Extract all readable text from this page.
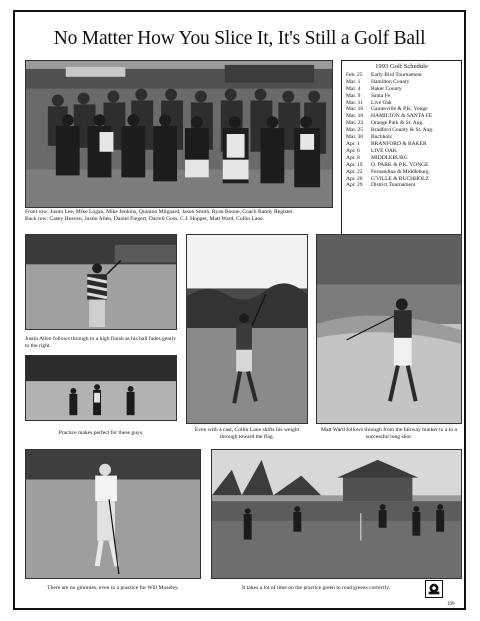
No Matter How You Slice It, It's Still a Golf Ball
Front row: Justin Lee, Mike Logan, Mike Jenkins, Quinton Milgaard, Jason Smith, Ryan Boone, Coach Randy Register.
Back row: Casey Heaven, Justin Allen, Daniel Fiegert, Darrell Goss, C.J. Hopper, Matt Ward, Collin Lane.
1993 Golf Schedule
Feb. 25	Early Bird Tournament
Mar. 1	Hamilton County
Mar. 4	Baker County
Mar. 9	Santa Fe
Mar. 11	Live Oak
Mar. 16	Gainesville & P.K. Yonge
Mar. 18	HAMILTON & SANTA FE
Mar. 23	Orange Park & St. Aug.
Mar. 25	Bradford County & St. Aug.
Mar. 30	Buchholz
Apr. 1	BRANFORD & BAKER
Apr. 6	LIVE OAK
Apr. 8	MIDDLEBURG
Apr. 19	O. PARK & P.K. YONGE
Apr. 22	Fernandina & Middleburg
Apr. 26	G'VILLE & BUCHHOLZ
Apr. 29	District Tournament
Justin Allen follows through to a high finish as his ball fades gently to the right.
Practice makes perfect for these guys.	Even with a cast, Collin Lane shifts his weight through toward the flag.
Matt Ward follows through from the fairway bunker to a to a successful long shot.
There are no gimmies, even in a practice for Will Moseley.	It takes a lot of time on the practice green to read greens correctly.
199
